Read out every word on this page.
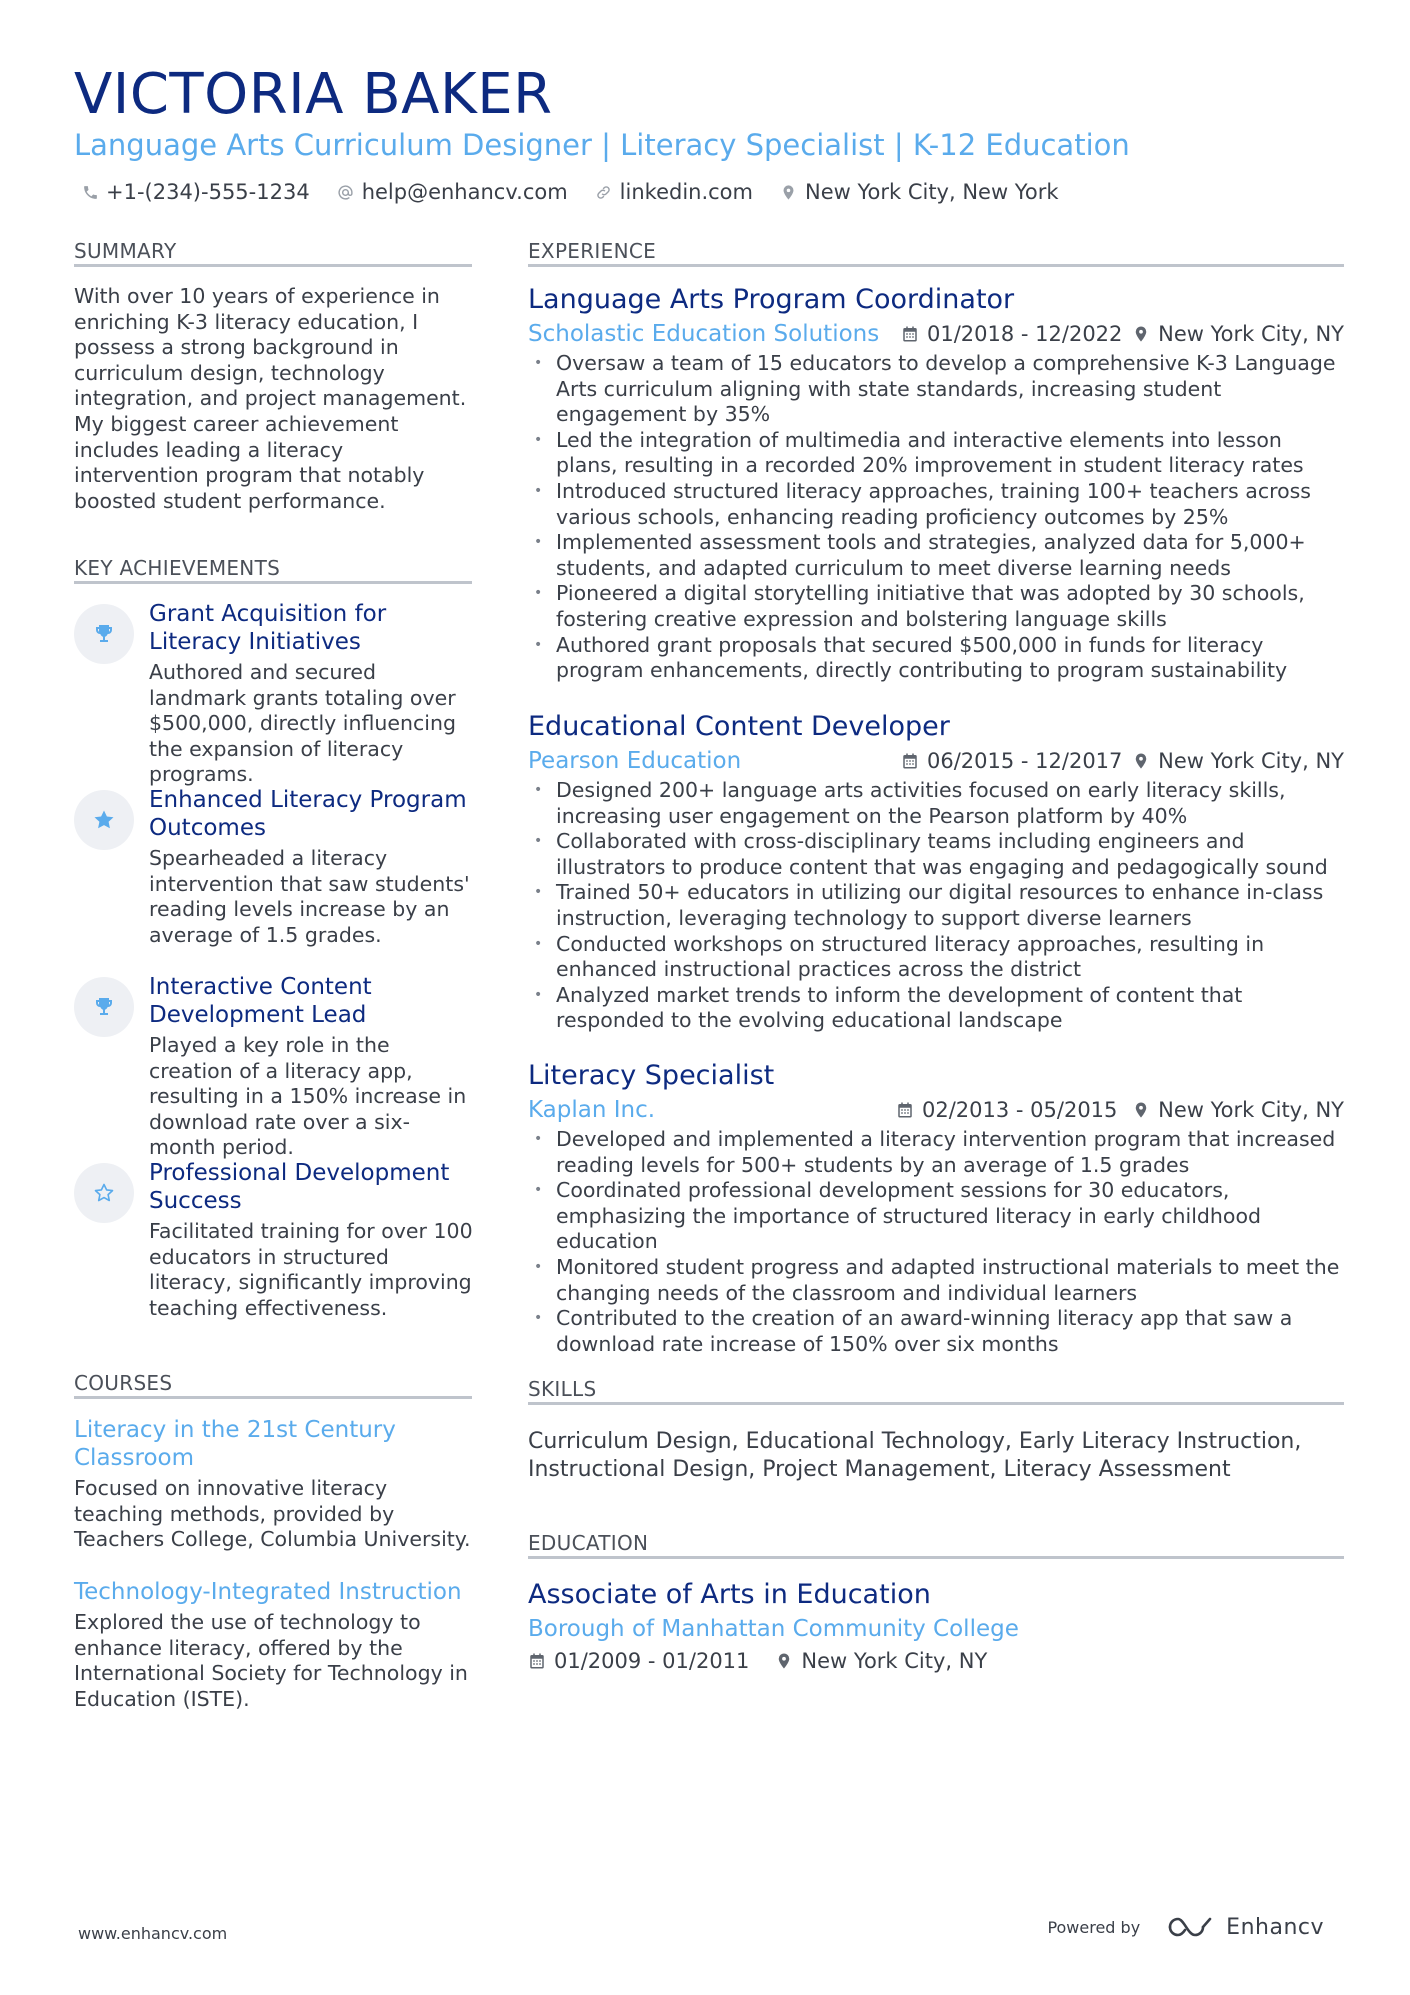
VICTORIA BAKER
Language Arts Curriculum Designer | Literacy Specialist | K-12 Education
+1-(234)-555-1234 help@enhancv.com linkedin.com New York City, New York
SUMMARY
With over 10 years of experience in enriching K-3 literacy education, I possess a strong background in curriculum design, technology integration, and project management. My biggest career achievement includes leading a literacy intervention program that notably boosted student performance.
KEY ACHIEVEMENTS
Grant Acquisition for Literacy Initiatives
Authored and secured landmark grants totaling over $500,000, directly influencing the expansion of literacy programs.
Enhanced Literacy Program Outcomes
Spearheaded a literacy intervention that saw students' reading levels increase by an average of 1.5 grades.
Interactive Content Development Lead
Played a key role in the creation of a literacy app, resulting in a 150% increase in download rate over a six-month period.
Professional Development Success
Facilitated training for over 100 educators in structured literacy, significantly improving teaching effectiveness.
COURSES
Literacy in the 21st Century Classroom
Focused on innovative literacy teaching methods, provided by Teachers College, Columbia University.
Technology-Integrated Instruction
Explored the use of technology to enhance literacy, offered by the International Society for Technology in Education (ISTE).
EXPERIENCE
Language Arts Program Coordinator
Scholastic Education Solutions 01/2018 - 12/2022 New York City, NY
• Oversaw a team of 15 educators to develop a comprehensive K-3 Language Arts curriculum aligning with state standards, increasing student engagement by 35%
• Led the integration of multimedia and interactive elements into lesson plans, resulting in a recorded 20% improvement in student literacy rates
• Introduced structured literacy approaches, training 100+ teachers across various schools, enhancing reading proficiency outcomes by 25%
• Implemented assessment tools and strategies, analyzed data for 5,000+ students, and adapted curriculum to meet diverse learning needs
• Pioneered a digital storytelling initiative that was adopted by 30 schools, fostering creative expression and bolstering language skills
• Authored grant proposals that secured $500,000 in funds for literacy program enhancements, directly contributing to program sustainability
Educational Content Developer
Pearson Education	06/2015 - 12/2017 New York City, NY
• Designed 200+ language arts activities focused on early literacy skills, increasing user engagement on the Pearson platform by 40%
• Collaborated with cross-disciplinary teams including engineers and illustrators to produce content that was engaging and pedagogically sound
• Trained 50+ educators in utilizing our digital resources to enhance in-class instruction, leveraging technology to support diverse learners
• Conducted workshops on structured literacy approaches, resulting in enhanced instructional practices across the district
• Analyzed market trends to inform the development of content that responded to the evolving educational landscape
Literacy Specialist
Kaplan Inc.	02/2013 - 05/2015 New York City, NY
• Developed and implemented a literacy intervention program that increased reading levels for 500+ students by an average of 1.5 grades
• Coordinated professional development sessions for 30 educators, emphasizing the importance of structured literacy in early childhood education
• Monitored student progress and adapted instructional materials to meet the changing needs of the classroom and individual learners
• Contributed to the creation of an award-winning literacy app that saw a download rate increase of 150% over six months
SKILLS
Curriculum Design, Educational Technology, Early Literacy Instruction, Instructional Design, Project Management, Literacy Assessment
EDUCATION
Associate of Arts in Education
Borough of Manhattan Community College
01/2009 - 01/2011 New York City, NY
www.enhancv.com	Powered by	Enhancv
